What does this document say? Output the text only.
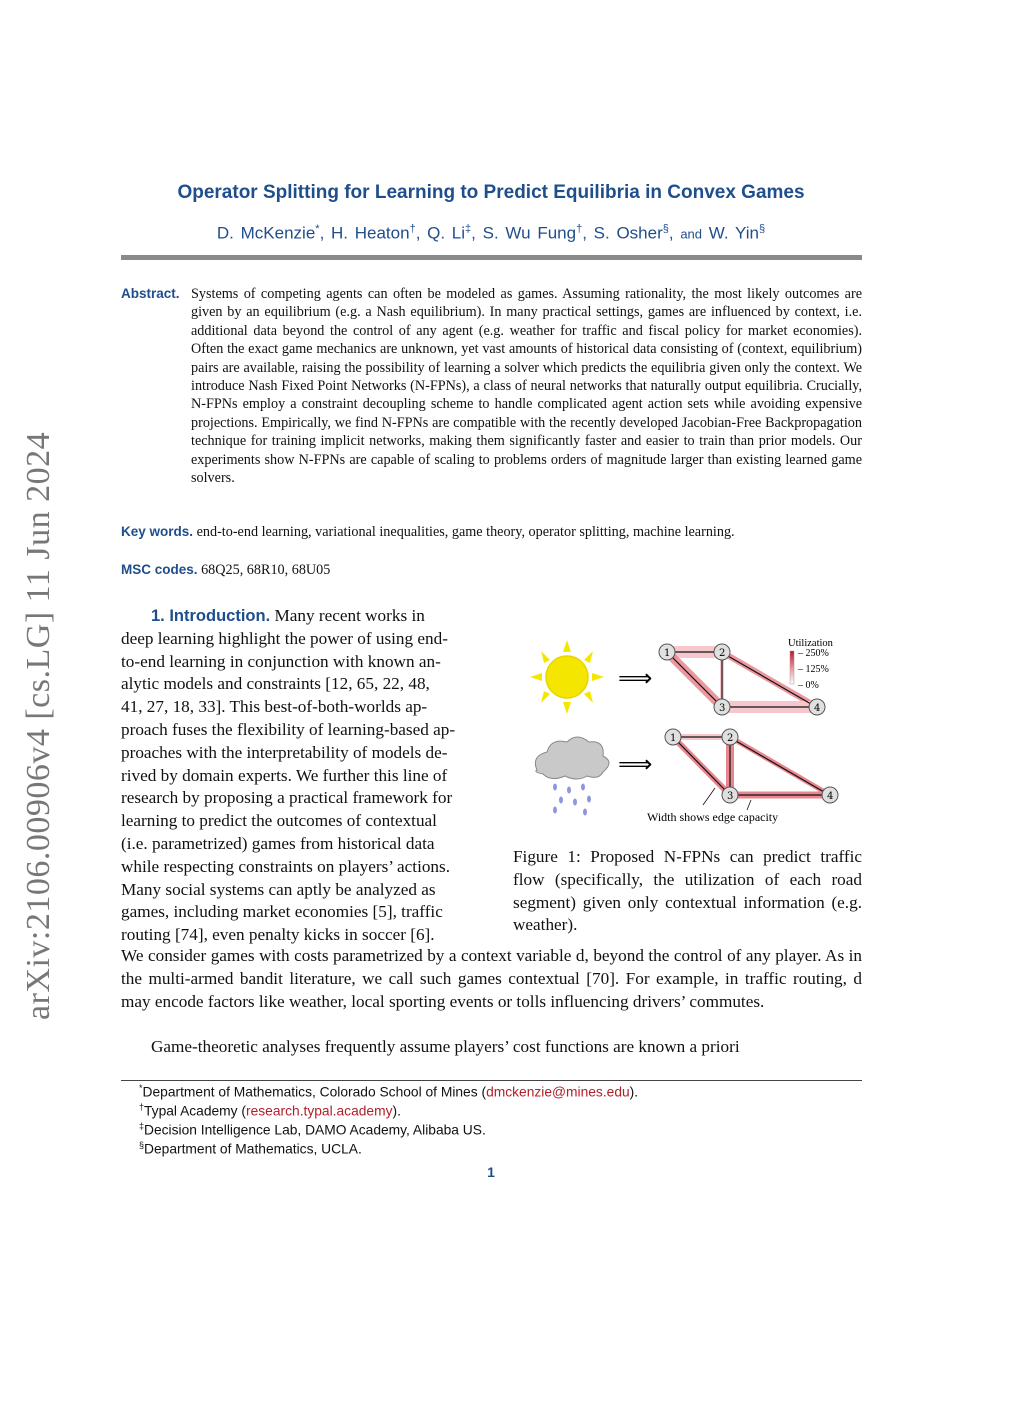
arXiv:2106.00906v4 [cs.LG] 11 Jun 2024
Operator Splitting for Learning to Predict Equilibria in Convex Games
D. McKenzie*, H. Heaton†, Q. Li‡, S. Wu Fung†, S. Osher§, and W. Yin§
Abstract. Systems of competing agents can often be modeled as games. Assuming rationality, the most likely outcomes are given by an equilibrium (e.g. a Nash equilibrium). In many practical settings, games are influenced by context, i.e. additional data beyond the control of any agent (e.g. weather for traffic and fiscal policy for market economies). Often the exact game mechanics are unknown, yet vast amounts of historical data consisting of (context, equilibrium) pairs are available, raising the possibility of learning a solver which predicts the equilibria given only the context. We introduce Nash Fixed Point Networks (N-FPNs), a class of neural networks that naturally output equilibria. Crucially, N-FPNs employ a constraint decoupling scheme to handle complicated agent action sets while avoiding expensive projections. Empirically, we find N-FPNs are compatible with the recently developed Jacobian-Free Backpropagation technique for training implicit networks, making them significantly faster and easier to train than prior models. Our experiments show N-FPNs are capable of scaling to problems orders of magnitude larger than existing learned game solvers.
Key words. end-to-end learning, variational inequalities, game theory, operator splitting, machine learning.
MSC codes. 68Q25, 68R10, 68U05
1. Introduction. Many recent works in
deep learning highlight the power of using end-
to-end learning in conjunction with known an-
alytic models and constraints [12, 65, 22, 48,
41, 27, 18, 33]. This best-of-both-worlds ap-
proach fuses the flexibility of learning-based ap-
proaches with the interpretability of models de-
rived by domain experts. We further this line of
research by proposing a practical framework for
learning to predict the outcomes of contextual
(i.e. parametrized) games from historical data
while respecting constraints on players’ actions.
Many social systems can aptly be analyzed as
games, including market economies [5], traffic
routing [74], even penalty kicks in soccer [6].
⟹
⟹
1	2
3	4
Utilization
– 250%
– 125%
– 0%
1	2
3	4
Width shows edge capacity
Figure 1: Proposed N-FPNs can predict traffic flow (specifically, the utilization of each road segment) given only contextual information (e.g. weather).
We consider games with costs parametrized by a context variable d, beyond the control of any player. As in the multi-armed bandit literature, we call such games contextual [70]. For example, in traffic routing, d may encode factors like weather, local sporting events or tolls influencing drivers’ commutes.
Game-theoretic analyses frequently assume players’ cost functions are known a priori
*Department of Mathematics, Colorado School of Mines (dmckenzie@mines.edu).
†Typal Academy (research.typal.academy).
‡Decision Intelligence Lab, DAMO Academy, Alibaba US.
§Department of Mathematics, UCLA.
1
